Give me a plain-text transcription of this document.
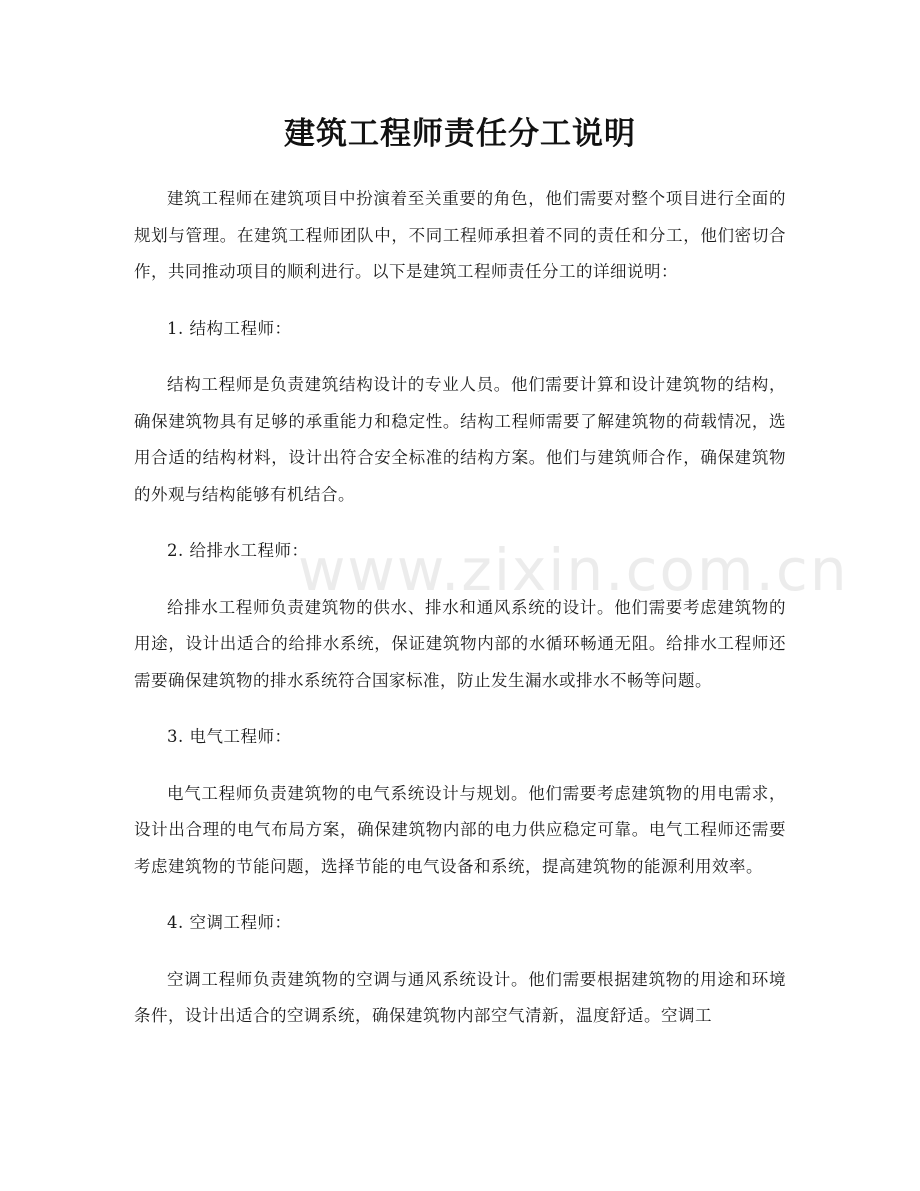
建筑工程师责任分工说明

建筑工程师在建筑项目中扮演着至关重要的角色，他们需要对整个项目进行全面的规划与管理。在建筑工程师团队中，不同工程师承担着不同的责任和分工，他们密切合作，共同推动项目的顺利进行。以下是建筑工程师责任分工的详细说明：

1. 结构工程师：

结构工程师是负责建筑结构设计的专业人员。他们需要计算和设计建筑物的结构，确保建筑物具有足够的承重能力和稳定性。结构工程师需要了解建筑物的荷载情况，选用合适的结构材料，设计出符合安全标准的结构方案。他们与建筑师合作，确保建筑物的外观与结构能够有机结合。

2. 给排水工程师：

给排水工程师负责建筑物的供水、排水和通风系统的设计。他们需要考虑建筑物的用途，设计出适合的给排水系统，保证建筑物内部的水循环畅通无阻。给排水工程师还需要确保建筑物的排水系统符合国家标准，防止发生漏水或排水不畅等问题。

3. 电气工程师：

电气工程师负责建筑物的电气系统设计与规划。他们需要考虑建筑物的用电需求，设计出合理的电气布局方案，确保建筑物内部的电力供应稳定可靠。电气工程师还需要考虑建筑物的节能问题，选择节能的电气设备和系统，提高建筑物的能源利用效率。

4. 空调工程师：

空调工程师负责建筑物的空调与通风系统设计。他们需要根据建筑物的用途和环境条件，设计出适合的空调系统，确保建筑物内部空气清新，温度舒适。空调工

www.zixin.com.cn
